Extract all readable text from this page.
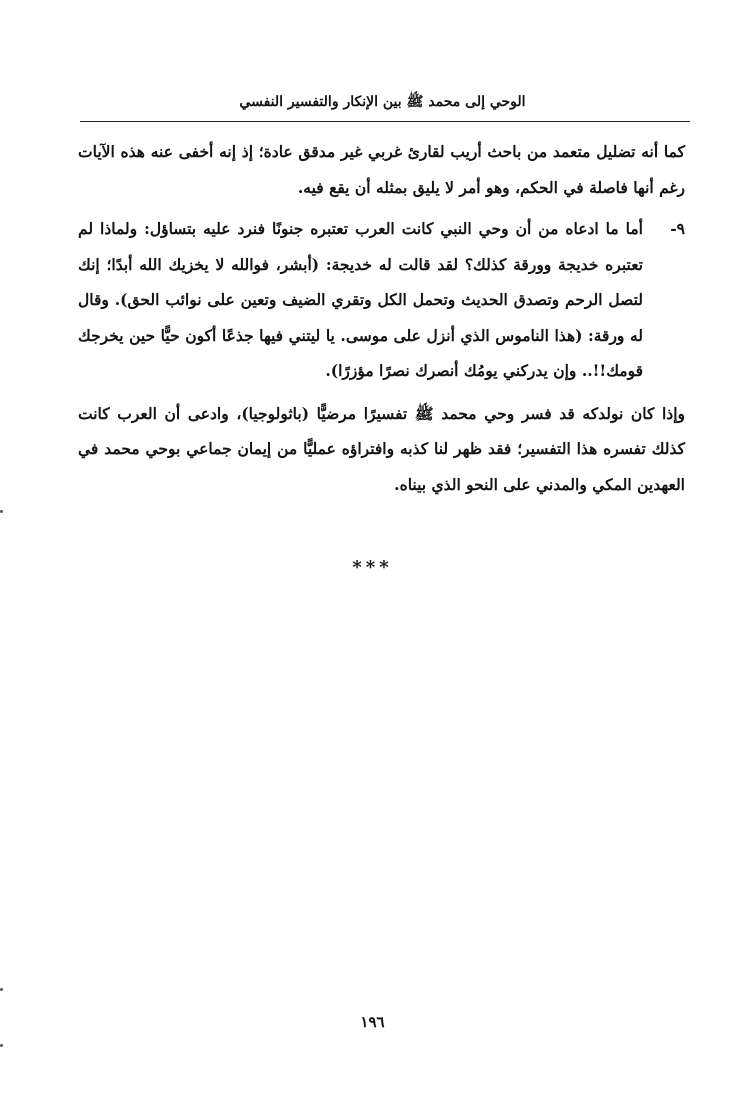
الوحي إلى محمد ﷺ بين الإنكار والتفسير النفسي

كما أنه تضليل متعمد من باحث أريب لقارئ غربي غير مدقق عادة؛ إذ إنه أخفى عنه هذه الآيات رغم أنها فاصلة في الحكم، وهو أمر لا يليق بمثله أن يقع فيه.

٩-
أما ما ادعاه من أن وحي النبي كانت العرب تعتبره جنونًا فنرد عليه بتساؤل: ولماذا لم تعتبره خديجة وورقة كذلك؟ لقد قالت له خديجة: (أبشر، فوالله لا يخزيك الله أبدًا؛ إنك لتصل الرحم وتصدق الحديث وتحمل الكل وتقري الضيف وتعين على نوائب الحق). وقال له ورقة: (هذا الناموس الذي أنزل على موسى. يا ليتني فيها جذعًا أكون حيًّا حين يخرجك قومك!!.. وإن يدركني يومُك أنصرك نصرًا مؤزرًا).

وإذا كان نولدكه قد فسر وحي محمد ﷺ تفسيرًا مرضيًّا (باثولوجيا)، وادعى أن العرب كانت كذلك تفسره هذا التفسير؛ فقد ظهر لنا كذبه وافتراؤه عمليًّا من إيمان جماعي بوحي محمد في العهدين المكي والمدني على النحو الذي بيناه.

***
١٩٦
